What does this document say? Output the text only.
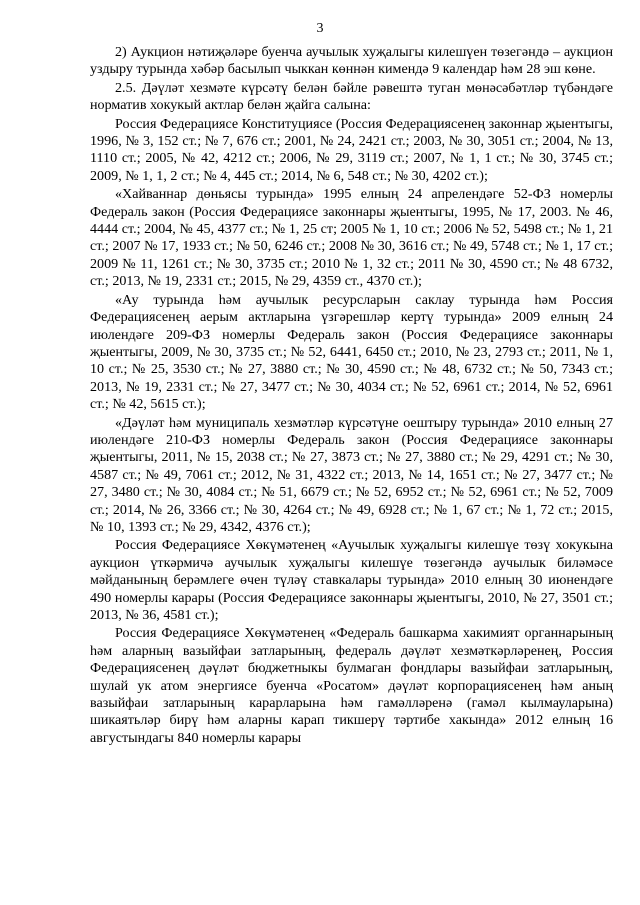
3

2) Аукцион нәтиҗәләре буенча аучылык хуҗалыгы килешүен төзегәндә – аукцион уздыру турында хәбәр басылып чыккан көннән кимендә 9 календар һәм 28 эш көне.

2.5. Дәүләт хезмәте күрсәтү белән бәйле рәвештә туган мөнәсәбәтләр түбәндәге норматив хокукый актлар белән җайга салына:

Россия Федерациясе Конституциясе (Россия Федерациясенең законнар җыентыгы, 1996, № 3, 152 ст.; № 7, 676 ст.; 2001, № 24, 2421 ст.; 2003, № 30, 3051 ст.; 2004, № 13, 1110 ст.; 2005, № 42, 4212 ст.; 2006, № 29, 3119 ст.; 2007, № 1, 1 ст.; № 30, 3745 ст.; 2009, № 1, 1, 2 ст.; № 4, 445 ст.; 2014, № 6, 548 ст.; № 30, 4202 ст.);

«Хайваннар дөньясы турында» 1995 елның 24 апрелендәге 52-ФЗ номерлы Федераль закон (Россия Федерациясе законнары җыентыгы, 1995, № 17, 2003. № 46, 4444 ст.; 2004, № 45, 4377 ст.; № 1, 25 ст; 2005 № 1, 10 ст.; 2006 № 52, 5498 ст.; № 1, 21 ст.; 2007 № 17, 1933 ст.; № 50, 6246 ст.; 2008 № 30, 3616 ст.; № 49, 5748 ст.; № 1, 17 ст.; 2009 № 11, 1261 ст.; № 30, 3735 ст.; 2010 № 1, 32 ст.; 2011 № 30, 4590 ст.; № 48 6732, ст.; 2013, № 19, 2331 ст.; 2015, № 29, 4359 ст., 4370 ст.);

«Ау турында һәм аучылык ресурсларын саклау турында һәм Россия Федерациясенең аерым актларына үзгәрешләр кертү турында» 2009 елның 24 июлендәге 209-ФЗ номерлы Федераль закон (Россия Федерациясе законнары җыентыгы, 2009, № 30, 3735 ст.; № 52, 6441, 6450 ст.; 2010, № 23, 2793 ст.; 2011, № 1, 10 ст.; № 25, 3530 ст.; № 27, 3880 ст.; № 30, 4590 ст.; № 48, 6732 ст.; № 50, 7343 ст.; 2013, № 19, 2331 ст.; № 27, 3477 ст.; № 30, 4034 ст.; № 52, 6961 ст.; 2014, № 52, 6961 ст.; № 42, 5615 ст.);

«Дәүләт һәм муниципаль хезмәтләр күрсәтүне оештыру турында» 2010 елның 27 июлендәге 210-ФЗ номерлы Федераль закон (Россия Федерациясе законнары җыентыгы, 2011, № 15, 2038 ст.; № 27, 3873 ст.; № 27, 3880 ст.; № 29, 4291 ст.; № 30, 4587 ст.; № 49, 7061 ст.; 2012, № 31, 4322 ст.; 2013, № 14, 1651 ст.; № 27, 3477 ст.; № 27, 3480 ст.; № 30, 4084 ст.; № 51, 6679 ст.; № 52, 6952 ст.; № 52, 6961 ст.; № 52, 7009 ст.; 2014, № 26, 3366 ст.; № 30, 4264 ст.; № 49, 6928 ст.; № 1, 67 ст.; № 1, 72 ст.; 2015, № 10, 1393 ст.; № 29, 4342, 4376 ст.);

Россия Федерациясе Хөкүмәтенең «Аучылык хуҗалыгы килешүе төзү хокукына аукцион үткәрмичә аучылык хуҗалыгы килешүе төзегәндә аучылык биләмәсе мәйданының берәмлеге өчен түләү ставкалары турында» 2010 елның 30 июнендәге 490 номерлы карары (Россия Федерациясе законнары җыентыгы, 2010, № 27, 3501 ст.; 2013, № 36, 4581 ст.);

Россия Федерациясе Хөкүмәтенең «Федераль башкарма хакимият органнарының һәм аларның вазыйфаи затларының, федераль дәүләт хезмәткәрләренең, Россия Федерациясенең дәүләт бюджетныкы булмаган фондлары вазыйфаи затларының, шулай ук атом энергиясе буенча «Росатом» дәүләт корпорациясенең һәм аның вазыйфаи затларының карарларына һәм гамәлләренә (гамәл кылмауларына) шикаятьләр бирү һәм аларны карап тикшерү тәртибе хакында» 2012 елның 16 августындагы 840 номерлы карары
